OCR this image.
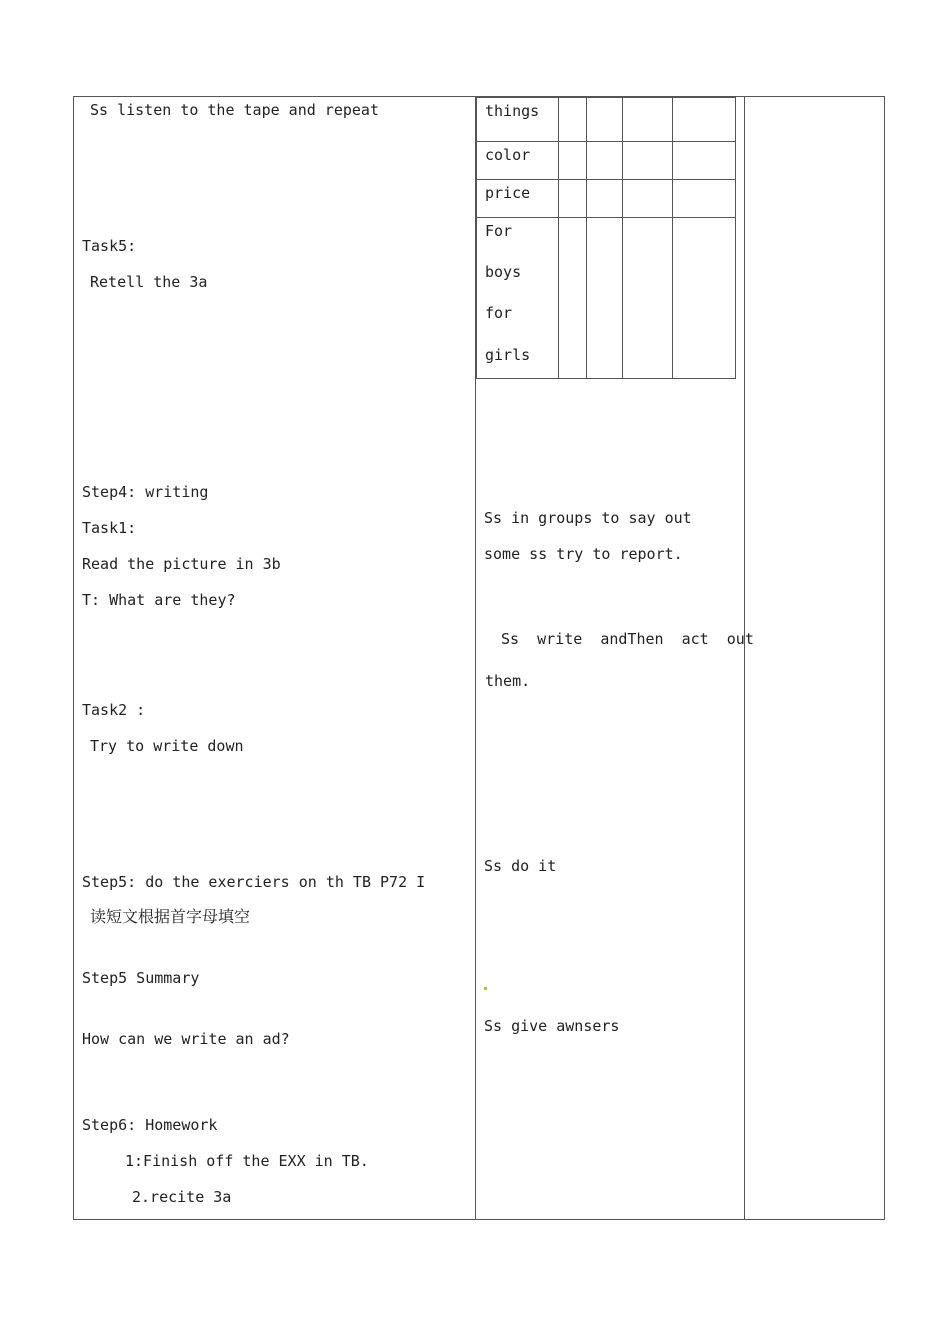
Ss listen to the tape and repeat
Task5:
Retell the 3a
Step4: writing
Task1:
Read the picture in 3b
T: What are they?
Task2 :
Try to write down
Step5: do the exerciers on th TB P72 I
读短文根据首字母填空
Step5 Summary
How can we write an ad?
Step6: Homework
1:Finish off the EXX in TB.
2.recite 3a
things
color
price
For
boys
for
girls
Ss in groups to say out
some ss try to report.
Ss  write  andThen  act  out
them.
Ss do it
Ss give awnsers
